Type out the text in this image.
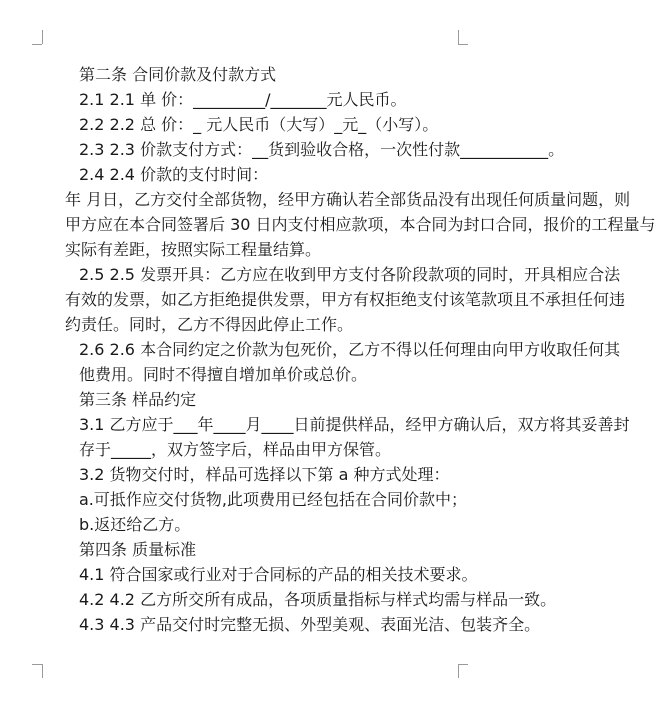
第二条 合同价款及付款方式
2.1 2.1 单 价：_________/_______元人民币。
2.2 2.2 总 价：_ 元人民币（大写）_元_（小写）。
2.3 2.3 价款支付方式：__货到验收合格，一次性付款___________。
2.4 2.4 价款的支付时间：
年 月日，乙方交付全部货物，经甲方确认若全部货品没有出现任何质量问题，则
甲方应在本合同签署后 30 日内支付相应款项，本合同为封口合同，报价的工程量与
实际有差距，按照实际工程量结算。
2.5 2.5 发票开具：乙方应在收到甲方支付各阶段款项的同时，开具相应合法
有效的发票，如乙方拒绝提供发票，甲方有权拒绝支付该笔款项且不承担任何违
约责任。同时，乙方不得因此停止工作。
2.6 2.6 本合同约定之价款为包死价，乙方不得以任何理由向甲方收取任何其
他费用。同时不得擅自增加单价或总价。
第三条 样品约定
3.1 乙方应于___年____月____日前提供样品，经甲方确认后，双方将其妥善封
存于_____，双方签字后，样品由甲方保管。
3.2 货物交付时，样品可选择以下第 a 种方式处理：
a.可抵作应交付货物,此项费用已经包括在合同价款中；
b.返还给乙方。
第四条 质量标准
4.1 符合国家或行业对于合同标的产品的相关技术要求。
4.2 4.2 乙方所交所有成品，各项质量指标与样式均需与样品一致。
4.3 4.3 产品交付时完整无损、外型美观、表面光洁、包装齐全。
